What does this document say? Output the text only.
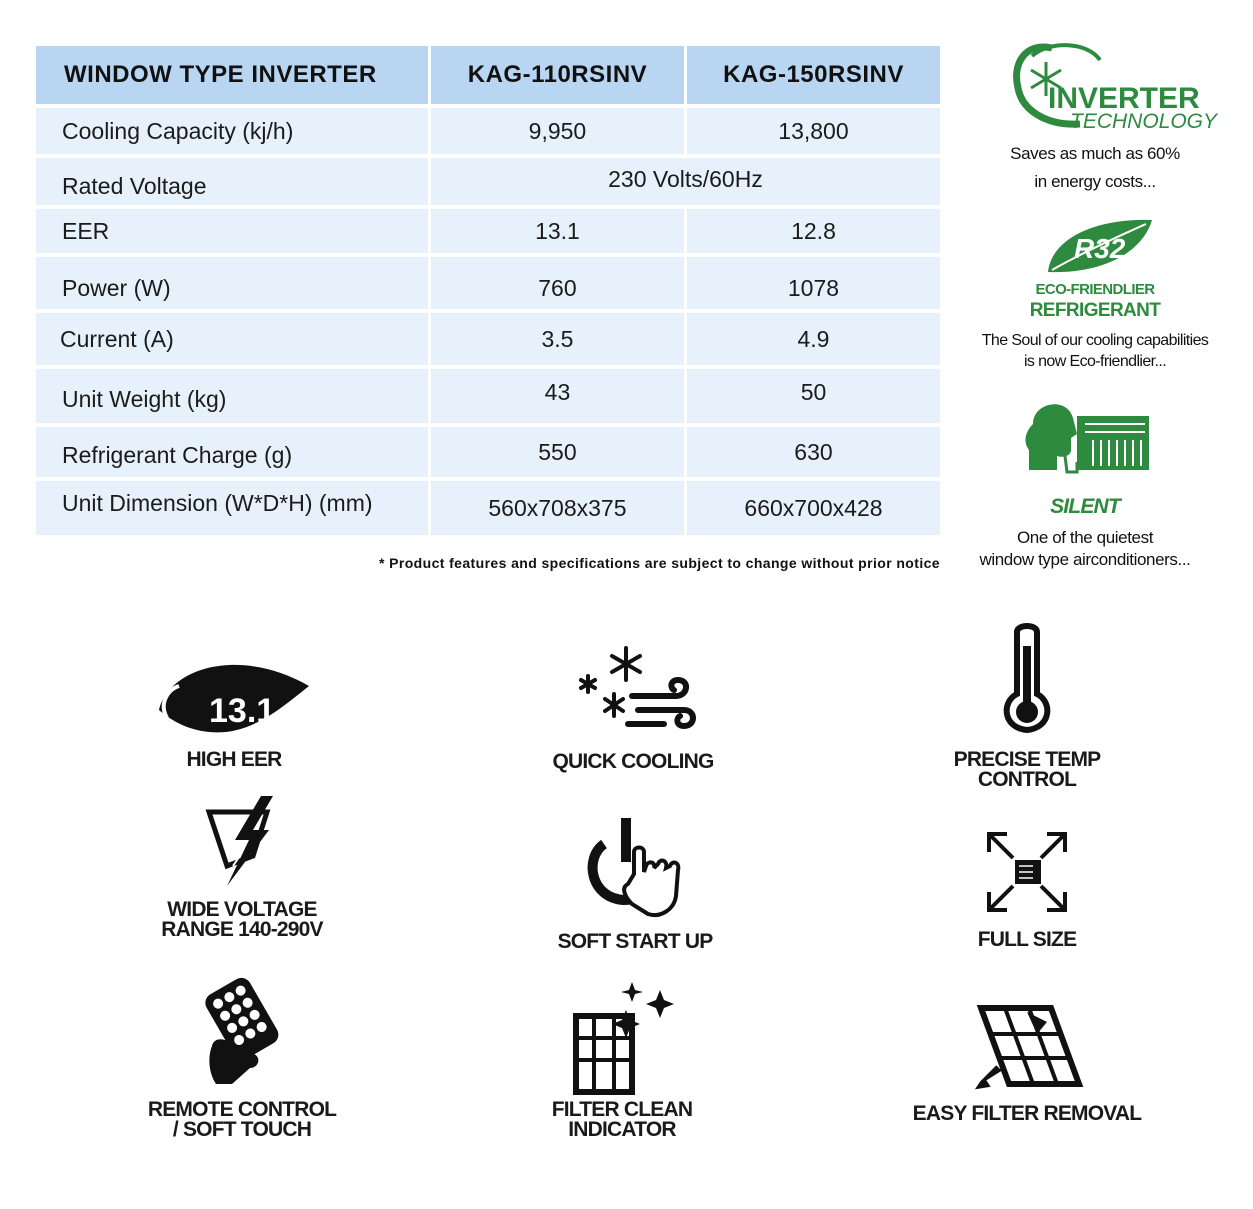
WINDOW TYPE INVERTER	KAG-110RSINV	KAG-150RSINV
Cooling Capacity (kj/h)	9,950	13,800
Rated Voltage	230 Volts/60Hz	
EER	13.1	12.8
Power (W)	760	1078
Current (A)	3.5	4.9
Unit Weight (kg)	43	50
Refrigerant Charge (g)	550	630
Unit Dimension (W*D*H) (mm)	560x708x375	660x700x428
* Product features and specifications are subject to change without prior notice
INVERTER
TECHNOLOGY
Saves as much as 60%
in energy costs...
R32
ECO-FRIENDLIER
REFRIGERANT
The Soul of our cooling capabilities
is now Eco-friendlier...
SILENT
One of the quietest
window type airconditioners...
13.1
HIGH EER	QUICK COOLING	PRECISE TEMP
CONTROL
WIDE VOLTAGE
RANGE 140-290V
SOFT START UP	FULL SIZE
REMOTE CONTROL
/ SOFT TOUCH
FILTER CLEAN
INDICATOR
EASY FILTER REMOVAL
